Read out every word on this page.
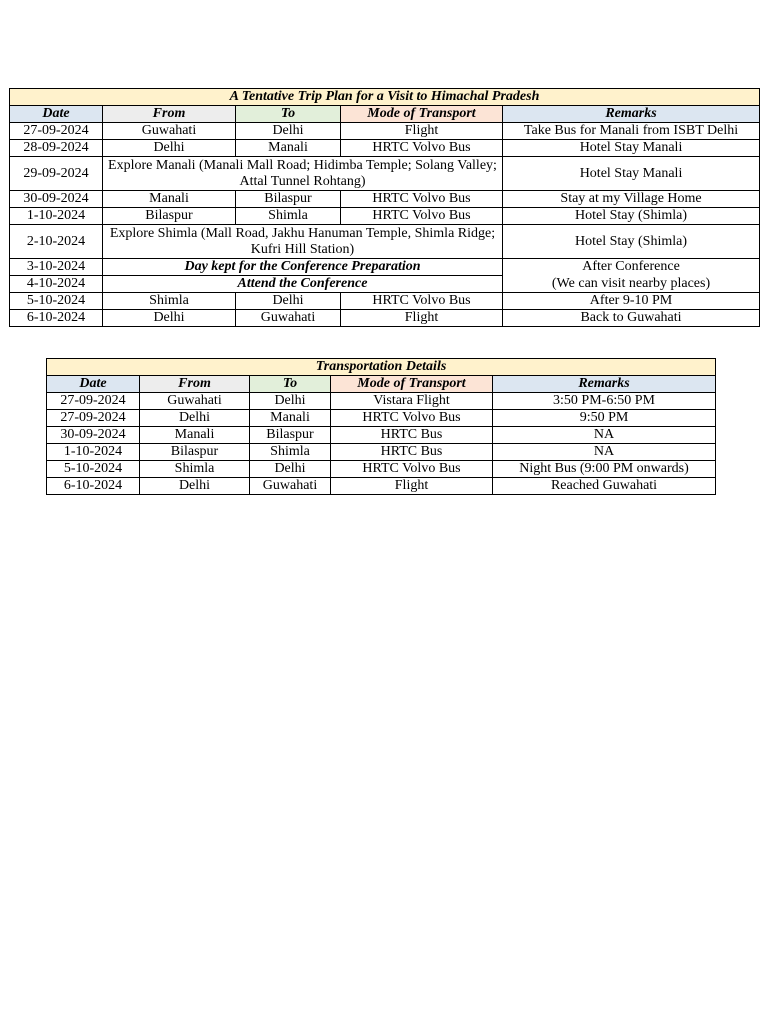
A Tentative Trip Plan for a Visit to Himachal Pradesh				
Date	From	To	Mode of Transport	Remarks
27-09-2024	Guwahati	Delhi	Flight	Take Bus for Manali from ISBT Delhi
28-09-2024	Delhi	Manali	HRTC Volvo Bus	Hotel Stay Manali
29-09-2024	Explore Manali (Manali Mall Road; Hidimba Temple; Solang Valley; Attal Tunnel Rohtang)			Hotel Stay Manali
30-09-2024	Manali	Bilaspur	HRTC Volvo Bus	Stay at my Village Home
1-10-2024	Bilaspur	Shimla	HRTC Volvo Bus	Hotel Stay (Shimla)
2-10-2024	Explore Shimla (Mall Road, Jakhu Hanuman Temple, Shimla Ridge; Kufri Hill Station)			Hotel Stay (Shimla)
3-10-2024	Day kept for the Conference Preparation			After Conference
4-10-2024	Attend the Conference			(We can visit nearby places)
5-10-2024	Shimla	Delhi	HRTC Volvo Bus	After 9-10 PM
6-10-2024	Delhi	Guwahati	Flight	Back to Guwahati
Transportation Details				
Date	From	To	Mode of Transport	Remarks
27-09-2024	Guwahati	Delhi	Vistara Flight	3:50 PM-6:50 PM
27-09-2024	Delhi	Manali	HRTC Volvo Bus	9:50 PM
30-09-2024	Manali	Bilaspur	HRTC Bus	NA
1-10-2024	Bilaspur	Shimla	HRTC Bus	NA
5-10-2024	Shimla	Delhi	HRTC Volvo Bus	Night Bus (9:00 PM onwards)
6-10-2024	Delhi	Guwahati	Flight	Reached Guwahati
